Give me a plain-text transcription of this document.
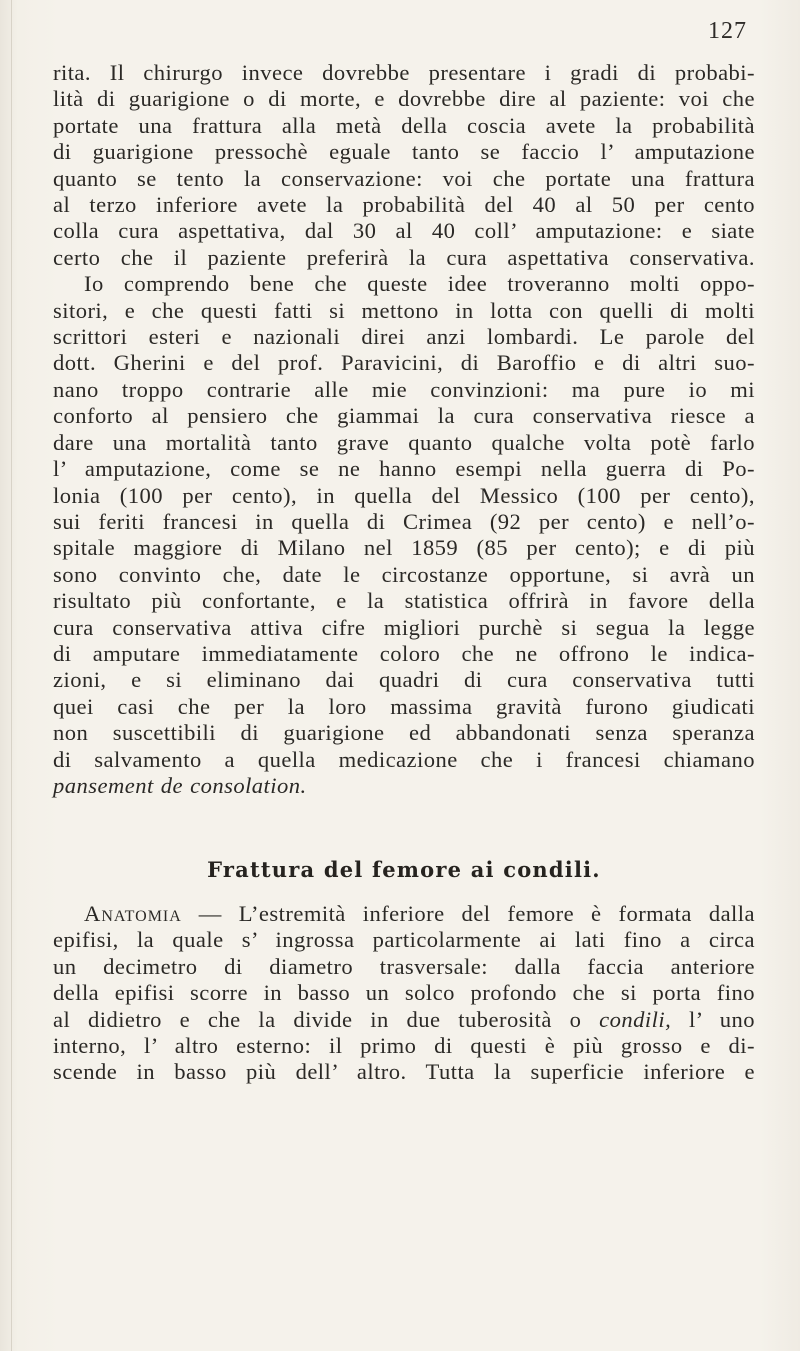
127
rita. Il chirurgo invece dovrebbe presentare i gradi di probabi-
lità di guarigione o di morte, e dovrebbe dire al paziente: voi che
portate una frattura alla metà della coscia avete la probabilità
di guarigione pressochè eguale tanto se faccio l’ amputazione
quanto se tento la conservazione: voi che portate una frattura
al terzo inferiore avete la probabilità del 40 al 50 per cento
colla cura aspettativa, dal 30 al 40 coll’ amputazione: e siate
certo che il paziente preferirà la cura aspettativa conservativa.
Io comprendo bene che queste idee troveranno molti oppo-
sitori, e che questi fatti si mettono in lotta con quelli di molti
scrittori esteri e nazionali direi anzi lombardi. Le parole del
dott. Gherini e del prof. Paravicini, di Baroffio e di altri suo-
nano troppo contrarie alle mie convinzioni: ma pure io mi
conforto al pensiero che giammai la cura conservativa riesce a
dare una mortalità tanto grave quanto qualche volta potè farlo
l’ amputazione, come se ne hanno esempi nella guerra di Po-
lonia (100 per cento), in quella del Messico (100 per cento),
sui feriti francesi in quella di Crimea (92 per cento) e nell’o-
spitale maggiore di Milano nel 1859 (85 per cento); e di più
sono convinto che, date le circostanze opportune, si avrà un
risultato più confortante, e la statistica offrirà in favore della
cura conservativa attiva cifre migliori purchè si segua la legge
di amputare immediatamente coloro che ne offrono le indica-
zioni, e si eliminano dai quadri di cura conservativa tutti
quei casi che per la loro massima gravità furono giudicati
non suscettibili di guarigione ed abbandonati senza speranza
di salvamento a quella medicazione che i francesi chiamano
pansement de consolation.
Frattura del femore ai condili.
Anatomia — L’estremità inferiore del femore è formata dalla
epifisi, la quale s’ ingrossa particolarmente ai lati fino a circa
un decimetro di diametro trasversale: dalla faccia anteriore
della epifisi scorre in basso un solco profondo che si porta fino
al didietro e che la divide in due tuberosità o condili, l’ uno
interno, l’ altro esterno: il primo di questi è più grosso e di-
scende in basso più dell’ altro. Tutta la superficie inferiore e
